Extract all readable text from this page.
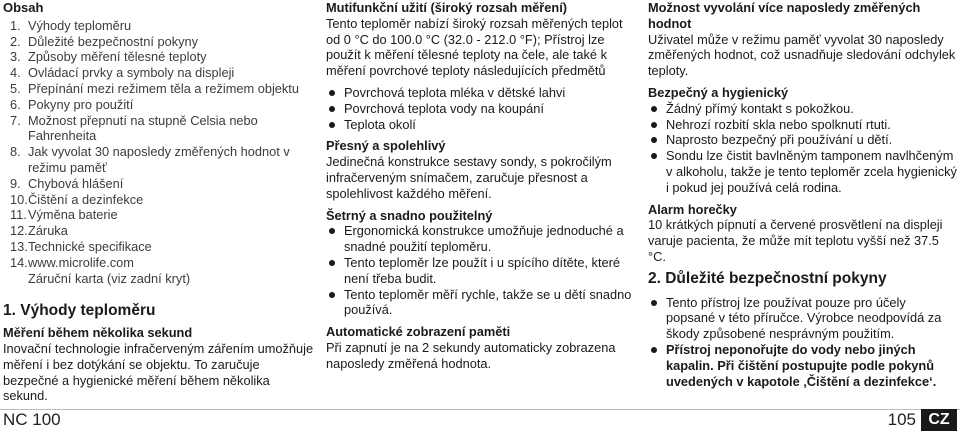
Obsah
1. Výhody teploměru
2. Důležité bezpečnostní pokyny
3. Způsoby měření tělesné teploty
4. Ovládací prvky a symboly na displeji
5. Přepínání mezi režimem těla a režimem objektu
6. Pokyny pro použití
7. Možnost přepnutí na stupně Celsia nebo Fahrenheita
8. Jak vyvolat 30 naposledy změřených hodnot v
režimu paměť
9. Chybová hlášení
10. Čištění a dezinfekce
11. Výměna baterie
12. Záruka
13. Technické specifikace
14. www.microlife.com
Záruční karta (viz zadní kryt)
1. Výhody teploměru
Měření během několika sekund
Inovační technologie infračerveným zářením umožňuje měření i bez dotýkání se objektu. To zaručuje bezpečné a hygienické měření během několika sekund.
Mutifunkční užití (široký rozsah měření)
Tento teploměr nabízí široký rozsah měřených teplot od 0 °C do 100.0 °C (32.0 - 212.0 °F); Přístroj lze použít k měření tělesné teploty na čele, ale také k měření povrchové teploty následujících předmětů
Povrchová teplota mléka v dětské lahvi
Povrchová teplota vody na koupání
Teplota okolí
Přesný a spolehlivý
Jedinečná konstrukce sestavy sondy, s pokročilým infračerveným snímačem, zaručuje přesnost a spolehlivost každého měření.
Šetrný a snadno použitelný
Ergonomická konstrukce umožňuje jednoduché a snadné použití teploměru.
Tento teploměr lze použít i u spícího dítěte, které není třeba budit.
Tento teploměr měří rychle, takže se u dětí snadno používá.
Automatické zobrazení paměti
Při zapnutí je na 2 sekundy automaticky zobrazena naposledy změřená hodnota.
Možnost vyvolání více naposledy změřených hodnot
Uživatel může v režimu paměť vyvolat 30 naposledy změřených hodnot, což usnadňuje sledování odchylek teploty.
Bezpečný a hygienický
Žádný přímý kontakt s pokožkou.
Nehrozí rozbití skla nebo spolknutí rtuti.
Naprosto bezpečný při používání u dětí.
Sondu lze čistit bavlněným tamponem navlhčeným v alkoholu, takže je tento teploměr zcela hygienický i pokud jej používá celá rodina.
Alarm horečky
10 krátkých pípnutí a červené prosvětlení na displeji varuje pacienta, že může mít teplotu vyšší než 37.5 °C.
2. Důležité bezpečnostní pokyny
Tento přístroj lze používat pouze pro účely popsané v této příručce. Výrobce neodpovídá za škody způsobené nesprávným použitím.
Přístroj neponořujte do vody nebo jiných kapalin. Při čištění postupujte podle pokynů uvedených v kapotole ‚Čištění a dezinfekce‘.
NC 100	105 CZ
